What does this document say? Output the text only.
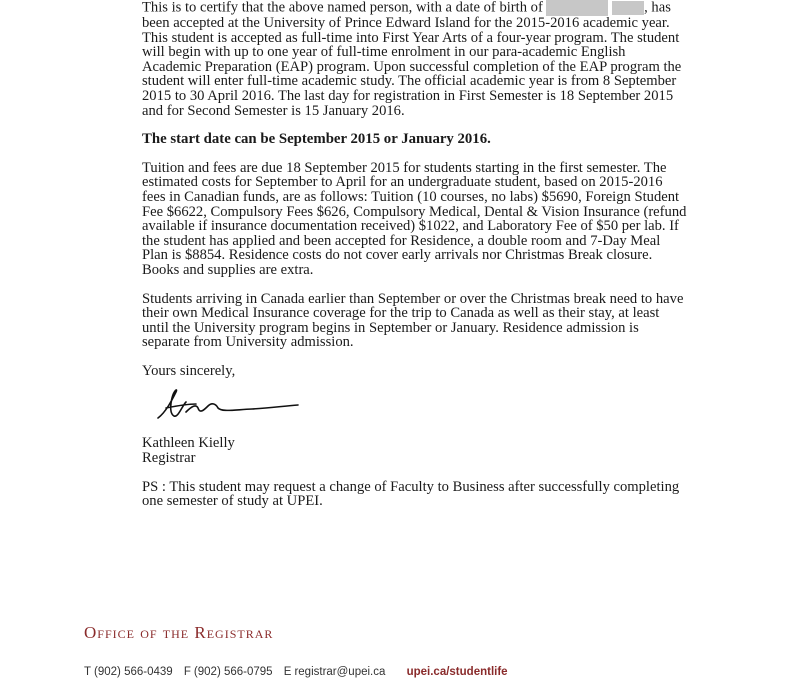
This is to certify that the above named person, with a date of birth of	, has been accepted at the University of Prince Edward Island for the 2015-2016 academic year. This student is accepted as full-time into First Year Arts of a four-year program. The student will begin with up to one year of full-time enrolment in our para-academic English Academic Preparation (EAP) program. Upon successful completion of the EAP program the student will enter full-time academic study. The official academic year is from 8 September 2015 to 30 April 2016. The last day for registration in First Semester is 18 September 2015 and for Second Semester is 15 January 2016.

The start date can be September 2015 or January 2016.

Tuition and fees are due 18 September 2015 for students starting in the first semester. The estimated costs for September to April for an undergraduate student, based on 2015-2016 fees in Canadian funds, are as follows: Tuition (10 courses, no labs) $5690, Foreign Student Fee $6622, Compulsory Fees $626, Compulsory Medical, Dental & Vision Insurance (refund available if insurance documentation received) $1022, and Laboratory Fee of $50 per lab. If the student has applied and been accepted for Residence, a double room and 7-Day Meal Plan is $8854. Residence costs do not cover early arrivals nor Christmas Break closure. Books and supplies are extra.

Students arriving in Canada earlier than September or over the Christmas break need to have their own Medical Insurance coverage for the trip to Canada as well as their stay, at least until the University program begins in September or January. Residence admission is separate from University admission.

Yours sincerely,
Kathleen Kielly
Registrar

PS : This student may request a change of Faculty to Business after successfully completing one semester of study at UPEI.

Office of the Registrar
T (902) 566-0439 F (902) 566-0795 E registrar@upei.ca upei.ca/studentlife
